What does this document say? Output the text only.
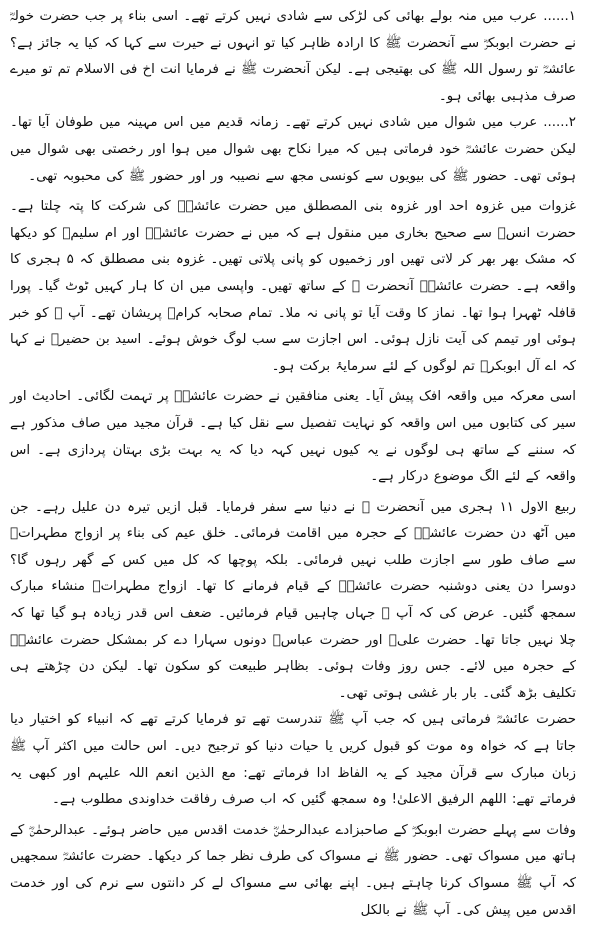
۱......عرب میں منہ بولے بھائی کی لڑکی سے شادی نہیں کرتے تھے۔ اسی بناء پر جب حضرت خولہؓ نے حضرت ابوبکرؓ سے آنحضرت ﷺ کا ارادہ ظاہر کیا تو انہوں نے حیرت سے کہا کہ کیا یہ جائز ہے؟ عائشہؓ تو رسول اللہ ﷺ کی بھتیجی ہے۔ لیکن آنحضرت ﷺ نے فرمایا انت اخ فی الاسلام تم تو میرے صرف مذہبی بھائی ہو۔

۲......عرب میں شوال میں شادی نہیں کرتے تھے۔ زمانہ قدیم میں اس مہینہ میں طوفان آیا تھا۔ لیکن حضرت عائشہؓ خود فرماتی ہیں کہ میرا نکاح بھی شوال میں ہوا اور رخصتی بھی شوال میں ہوئی تھی۔ حضور ﷺ کی بیویوں سے کونسی مجھ سے نصیبہ ور اور حضور ﷺ کی محبوبہ تھی۔

غزوات میں غزوہ احد اور غزوہ بنی المصطلق میں حضرت عائشہؓ کی شرکت کا پتہ چلتا ہے۔ حضرت انسؓ سے صحیح بخاری میں منقول ہے کہ میں نے حضرت عائشہؓ اور ام سلیمؓ کو دیکھا کہ مشک بھر بھر کر لاتی تھیں اور زخمیوں کو پانی پلاتی تھیں۔ غزوہ بنی مصطلق کہ ۵ ہجری کا واقعہ ہے۔ حضرت عائشہؓ آنحضرت ﷺ کے ساتھ تھیں۔ واپسی میں ان کا ہار کہیں ٹوٹ گیا۔ پورا قافلہ ٹھہرا ہوا تھا۔ نماز کا وقت آیا تو پانی نہ ملا۔ تمام صحابہ کرامؓ پریشان تھے۔ آپ ﷺ کو خبر ہوئی اور تیمم کی آیت نازل ہوئی۔ اس اجازت سے سب لوگ خوش ہوئے۔ اسید بن حضیرؓ نے کہا کہ اے آل ابوبکرؓ تم لوگوں کے لئے سرمایۂ برکت ہو۔

اسی معرکہ میں واقعہ افک پیش آیا۔ یعنی منافقین نے حضرت عائشہؓ پر تہمت لگائی۔ احادیث اور سیر کی کتابوں میں اس واقعہ کو نہایت تفصیل سے نقل کیا ہے۔ قرآن مجید میں صاف مذکور ہے کہ سننے کے ساتھ ہی لوگوں نے یہ کیوں نہیں کہہ دیا کہ یہ بہت بڑی بہتان پردازی ہے۔ اس واقعہ کے لئے الگ موضوع درکار ہے۔

ربیع الاول ۱۱ ہجری میں آنحضرت ﷺ نے دنیا سے سفر فرمایا۔ قبل ازیں تیرہ دن علیل رہے۔ جن میں آٹھ دن حضرت عائشہؓ کے حجرہ میں اقامت فرمائی۔ خلق عیم کی بناء پر ازواج مطہراتؓ سے صاف طور سے اجازت طلب نہیں فرمائی۔ بلکہ پوچھا کہ کل میں کس کے گھر رہوں گا؟ دوسرا دن یعنی دوشنبہ حضرت عائشہؓ کے قیام فرمانے کا تھا۔ ازواج مطہراتؓ منشاء مبارک سمجھ گئیں۔ عرض کی کہ آپ ﷺ جہاں چاہیں قیام فرمائیں۔ ضعف اس قدر زیادہ ہو گیا تھا کہ چلا نہیں جاتا تھا۔ حضرت علیؓ اور حضرت عباسؓ دونوں سہارا دے کر بمشکل حضرت عائشہؓ کے حجرہ میں لائے۔ جس روز وفات ہوئی۔ بظاہر طبیعت کو سکون تھا۔ لیکن دن چڑھتے ہی تکلیف بڑھ گئی۔ بار بار غشی ہوتی تھی۔

حضرت عائشہؓ فرماتی ہیں کہ جب آپ ﷺ تندرست تھے تو فرمایا کرتے تھے کہ انبیاء کو اختیار دیا جاتا ہے کہ خواہ وہ موت کو قبول کریں یا حیات دنیا کو ترجیح دیں۔ اس حالت میں اکثر آپ ﷺ زبان مبارک سے قرآن مجید کے یہ الفاظ ادا فرماتے تھے: مع الذین انعم اللہ علیہم اور کبھی یہ فرماتے تھے: اللھم الرفیق الاعلیٰ! وہ سمجھ گئیں کہ اب صرف رفاقت خداوندی مطلوب ہے۔

وفات سے پہلے حضرت ابوبکرؓ کے صاحبزادے عبدالرحمٰنؓ خدمت اقدس میں حاضر ہوئے۔ عبدالرحمٰنؓ کے ہاتھ میں مسواک تھی۔ حضور ﷺ نے مسواک کی طرف نظر جما کر دیکھا۔ حضرت عائشہؓ سمجھیں کہ آپ ﷺ مسواک کرنا چاہتے ہیں۔ اپنے بھائی سے مسواک لے کر دانتوں سے نرم کی اور خدمت اقدس میں پیش کی۔ آپ ﷺ نے بالکل
